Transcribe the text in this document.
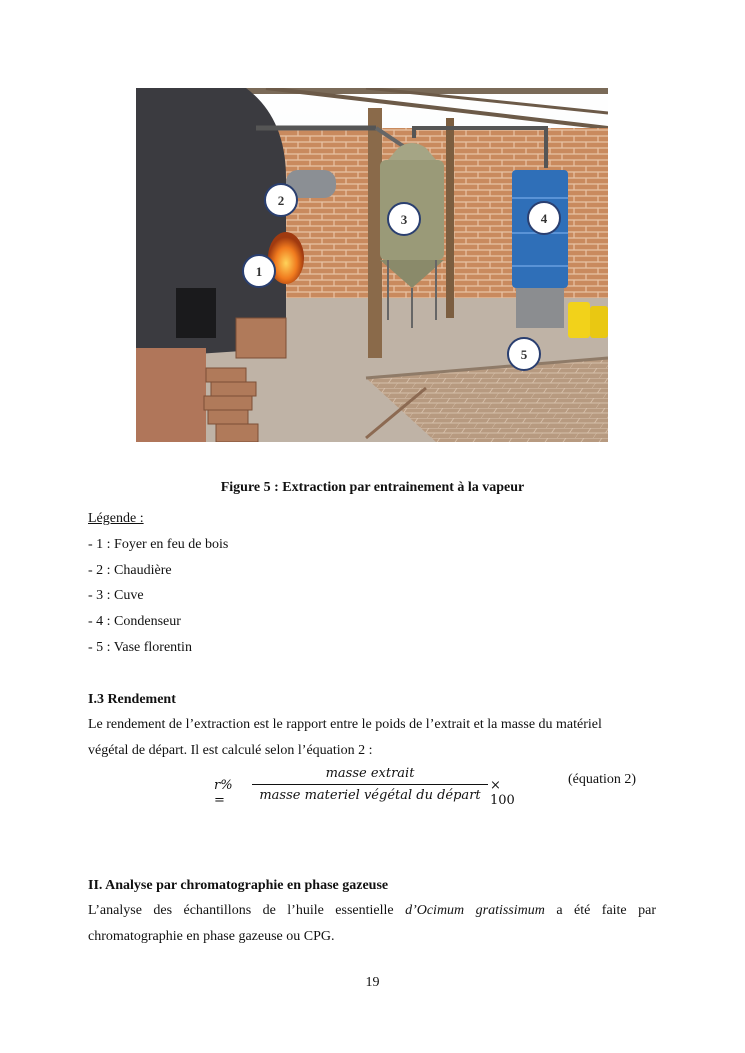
1
2
3	4
5
Figure 5 : Extraction par entrainement à la vapeur
Légende :
- 1 : Foyer en feu de bois
- 2 : Chaudière
- 3 : Cuve
- 4 : Condenseur
- 5 : Vase florentin
I.3 Rendement
Le rendement de l’extraction est le rapport entre le poids de l’extrait et la masse du matériel
végétal de départ. Il est calculé selon l’équation 2 :
r% =
masse extrait
masse materiel végétal du départ
× 100
(équation 2)
II. Analyse par chromatographie en phase gazeuse
L’analyse des échantillons de l’huile essentielle d’Ocimum gratissimum a été faite par chromatographie en phase gazeuse ou CPG.
19
